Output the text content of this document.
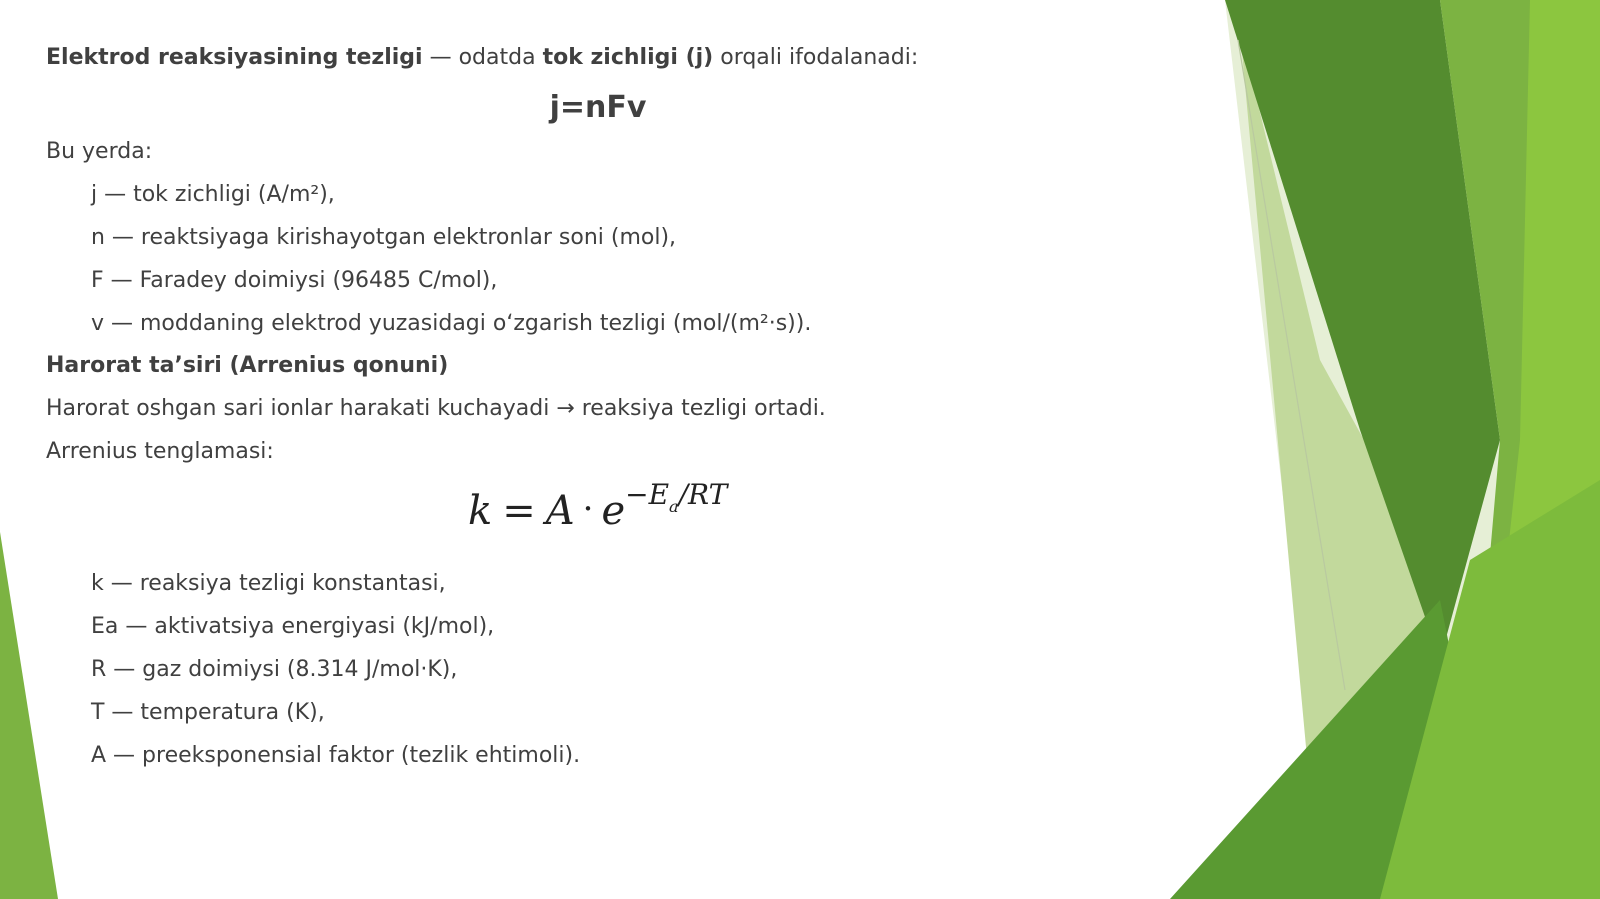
Elektrod reaksiyasining tezligi — odatda tok zichligi (j) orqali ifodalanadi:
j=nFv
Bu yerda:
j — tok zichligi (A/m²),
n — reaktsiyaga kirishayotgan elektronlar soni (mol),
F — Faradey doimiysi (96485 C/mol),
v — moddaning elektrod yuzasidagi oʻzgarish tezligi (mol/(m²·s)).
Harorat taʼsiri (Arrenius qonuni)
Harorat oshgan sari ionlar harakati kuchayadi → reaksiya tezligi ortadi.
Arrenius tenglamasi:
$k = A \cdot e-E_a/RT$
k — reaksiya tezligi konstantasi,
Ea — aktivatsiya energiyasi (kJ/mol),
R — gaz doimiysi (8.314 J/mol·K),
T — temperatura (K),
A — preeksponensial faktor (tezlik ehtimoli).
